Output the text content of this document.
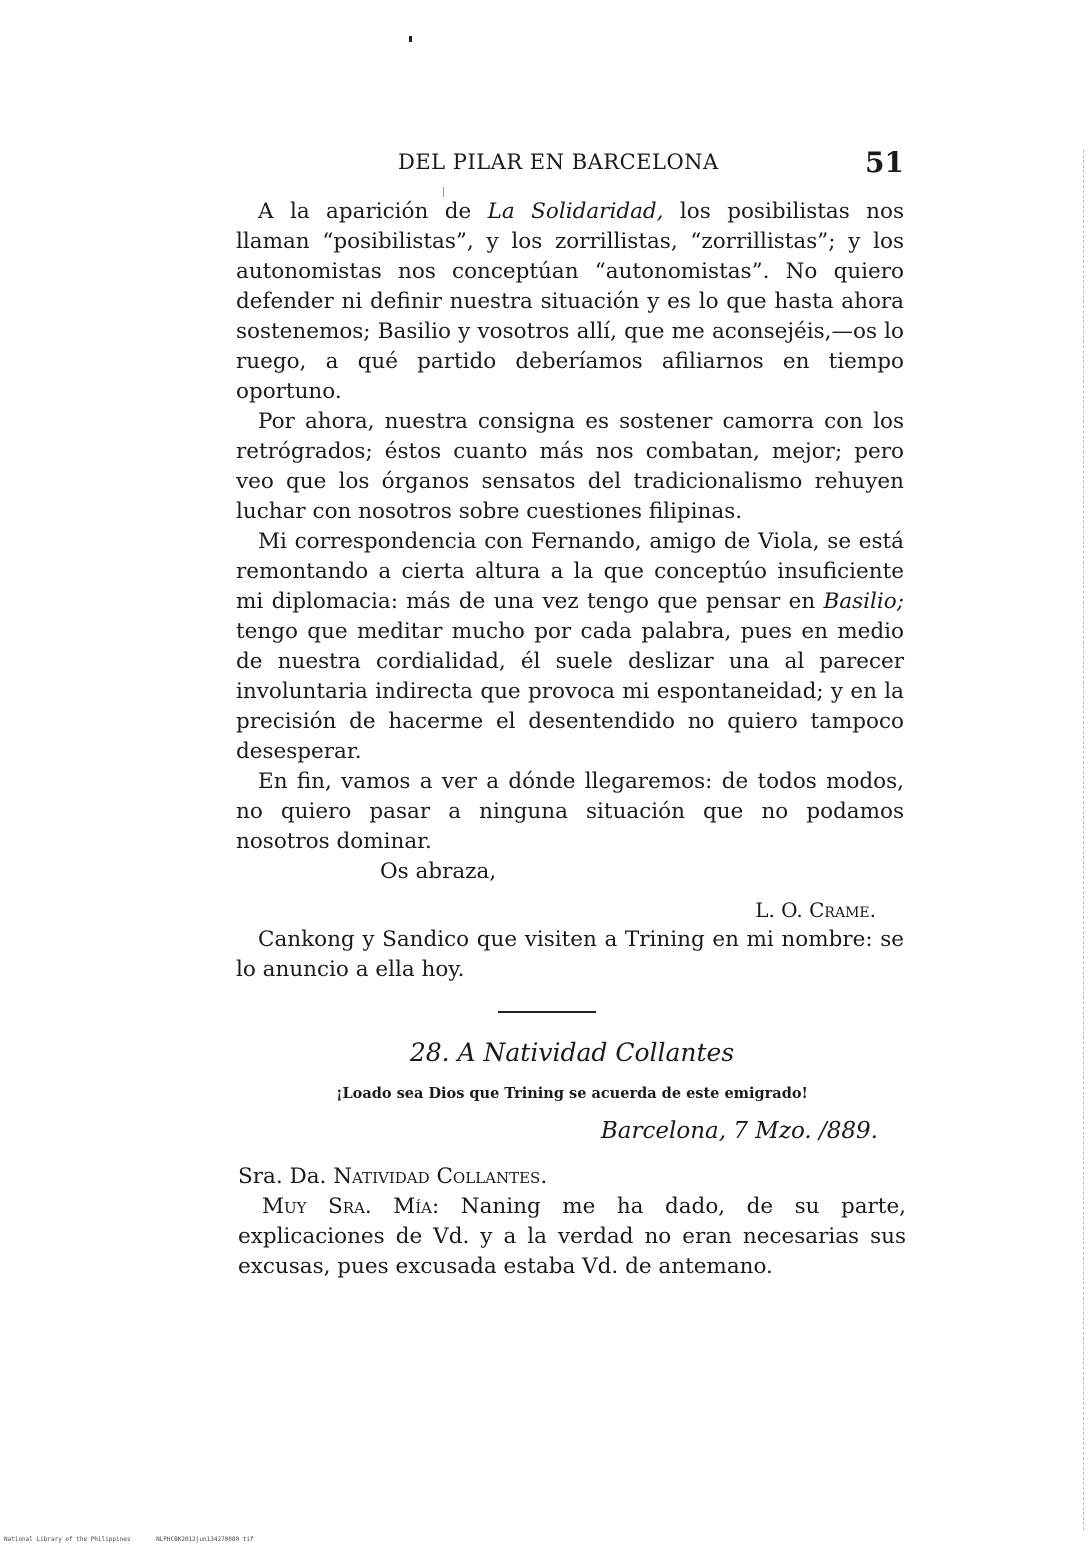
DEL PILAR EN BARCELONA	51

A la aparición de La Solidaridad, los posibilistas nos llaman “posibilistas”, y los zorrillistas, “zorrillistas”; y los autonomistas nos conceptúan “autonomistas”. No quiero defender ni definir nuestra situación y es lo que hasta ahora sostenemos; Basilio y vosotros allí, que me aconsejéis,—os lo ruego, a qué partido deberíamos afiliarnos en tiempo oportuno.

Por ahora, nuestra consigna es sostener camorra con los retrógrados; éstos cuanto más nos combatan, mejor; pero veo que los órganos sensatos del tradicionalismo rehuyen luchar con nosotros sobre cuestiones filipinas.

Mi correspondencia con Fernando, amigo de Viola, se está remontando a cierta altura a la que conceptúo insuficiente mi diplomacia: más de una vez tengo que pensar en Basilio; tengo que meditar mucho por cada palabra, pues en medio de nuestra cordialidad, él suele deslizar una al parecer involuntaria indirecta que provoca mi espontaneidad; y en la precisión de hacerme el desentendido no quiero tampoco desesperar.

En fin, vamos a ver a dónde llegaremos: de todos modos, no quiero pasar a ninguna situación que no podamos nosotros dominar.

Os abraza,

L. O. Crame.

Cankong y Sandico que visiten a Trining en mi nombre: se lo anuncio a ella hoy.

28. A Natividad Collantes
¡Loado sea Dios que Trining se acuerda de este emigrado!
Barcelona, 7 Mzo. /889.

Sra. Da. Natividad Collantes.

Muy Sra. Mía: Naning me ha dado, de su parte, explicaciones de Vd. y a la verdad no eran necesarias sus excusas, pues excusada estaba Vd. de antemano.

National Library of the Philippines	NLPHCBK2012jun134270080 tif
